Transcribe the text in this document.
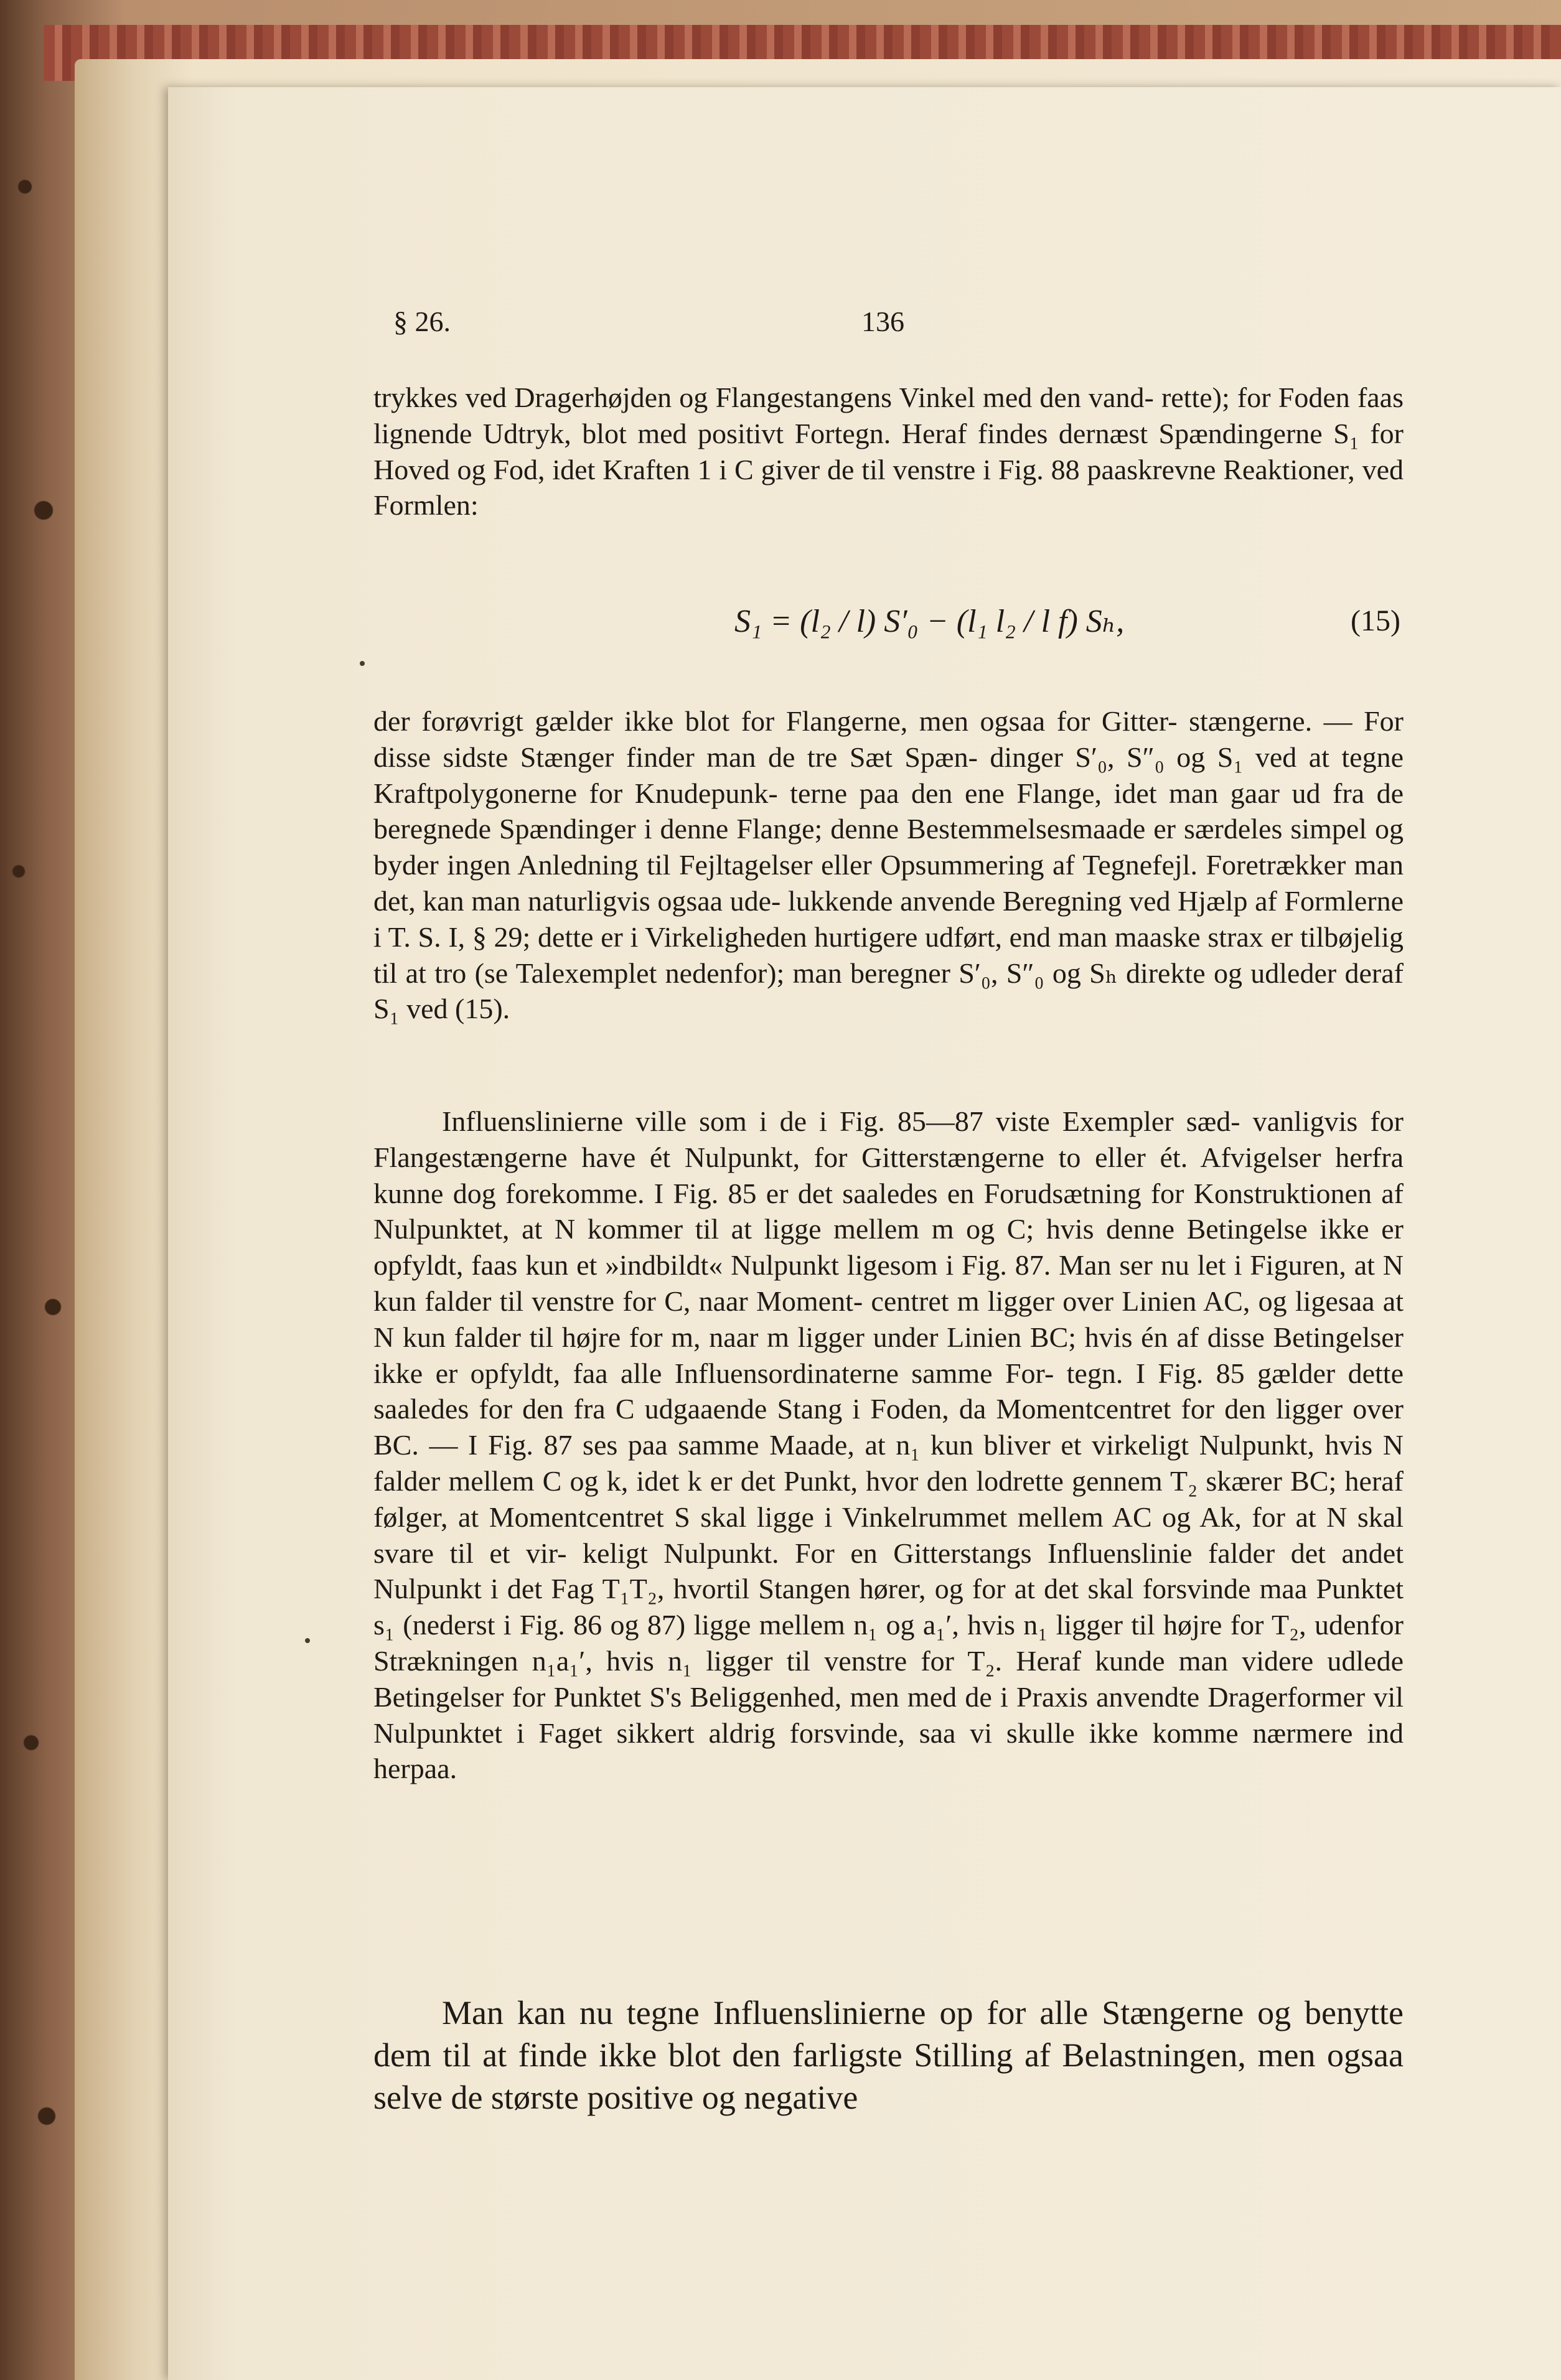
§ 26.	136
trykkes ved Dragerhøjden og Flangestangens Vinkel med den vand- rette); for Foden faas lignende Udtryk, blot med positivt Fortegn. Heraf findes dernæst Spændingerne S₁ for Hoved og Fod, idet Kraften 1 i C giver de til venstre i Fig. 88 paaskrevne Reaktioner, ved Formlen:
S₁ = (l₂ / l) S′₀ − (l₁ l₂ / l f) Sₕ,	(15)
der forøvrigt gælder ikke blot for Flangerne, men ogsaa for Gitter- stængerne. — For disse sidste Stænger finder man de tre Sæt Spæn- dinger S′₀, S″₀ og S₁ ved at tegne Kraftpolygonerne for Knudepunk- terne paa den ene Flange, idet man gaar ud fra de beregnede Spændinger i denne Flange; denne Bestemmelsesmaade er særdeles simpel og byder ingen Anledning til Fejltagelser eller Opsummering af Tegnefejl. Foretrækker man det, kan man naturligvis ogsaa ude- lukkende anvende Beregning ved Hjælp af Formlerne i T. S. I, § 29; dette er i Virkeligheden hurtigere udført, end man maaske strax er tilbøjelig til at tro (se Talexemplet nedenfor); man beregner S′₀, S″₀ og Sₕ direkte og udleder deraf S₁ ved (15).
Influenslinierne ville som i de i Fig. 85—87 viste Exempler sæd- vanligvis for Flangestængerne have ét Nulpunkt, for Gitterstængerne to eller ét. Afvigelser herfra kunne dog forekomme. I Fig. 85 er det saaledes en Forudsætning for Konstruktionen af Nulpunktet, at N kommer til at ligge mellem m og C; hvis denne Betingelse ikke er opfyldt, faas kun et »indbildt« Nulpunkt ligesom i Fig. 87. Man ser nu let i Figuren, at N kun falder til venstre for C, naar Moment- centret m ligger over Linien AC, og ligesaa at N kun falder til højre for m, naar m ligger under Linien BC; hvis én af disse Betingelser ikke er opfyldt, faa alle Influensordinaterne samme For- tegn. I Fig. 85 gælder dette saaledes for den fra C udgaaende Stang i Foden, da Momentcentret for den ligger over BC. — I Fig. 87 ses paa samme Maade, at n₁ kun bliver et virkeligt Nulpunkt, hvis N falder mellem C og k, idet k er det Punkt, hvor den lodrette gennem T₂ skærer BC; heraf følger, at Momentcentret S skal ligge i Vinkelrummet mellem AC og Ak, for at N skal svare til et vir- keligt Nulpunkt. For en Gitterstangs Influenslinie falder det andet Nulpunkt i det Fag T₁T₂, hvortil Stangen hører, og for at det skal forsvinde maa Punktet s₁ (nederst i Fig. 86 og 87) ligge mellem n₁ og a₁′, hvis n₁ ligger til højre for T₂, udenfor Strækningen n₁a₁′, hvis n₁ ligger til venstre for T₂. Heraf kunde man videre udlede Betingelser for Punktet S's Beliggenhed, men med de i Praxis anvendte Dragerformer vil Nulpunktet i Faget sikkert aldrig forsvinde, saa vi skulle ikke komme nærmere ind herpaa.
Man kan nu tegne Influenslinierne op for alle Stængerne og benytte dem til at finde ikke blot den farligste Stilling af Belastningen, men ogsaa selve de største positive og negative
